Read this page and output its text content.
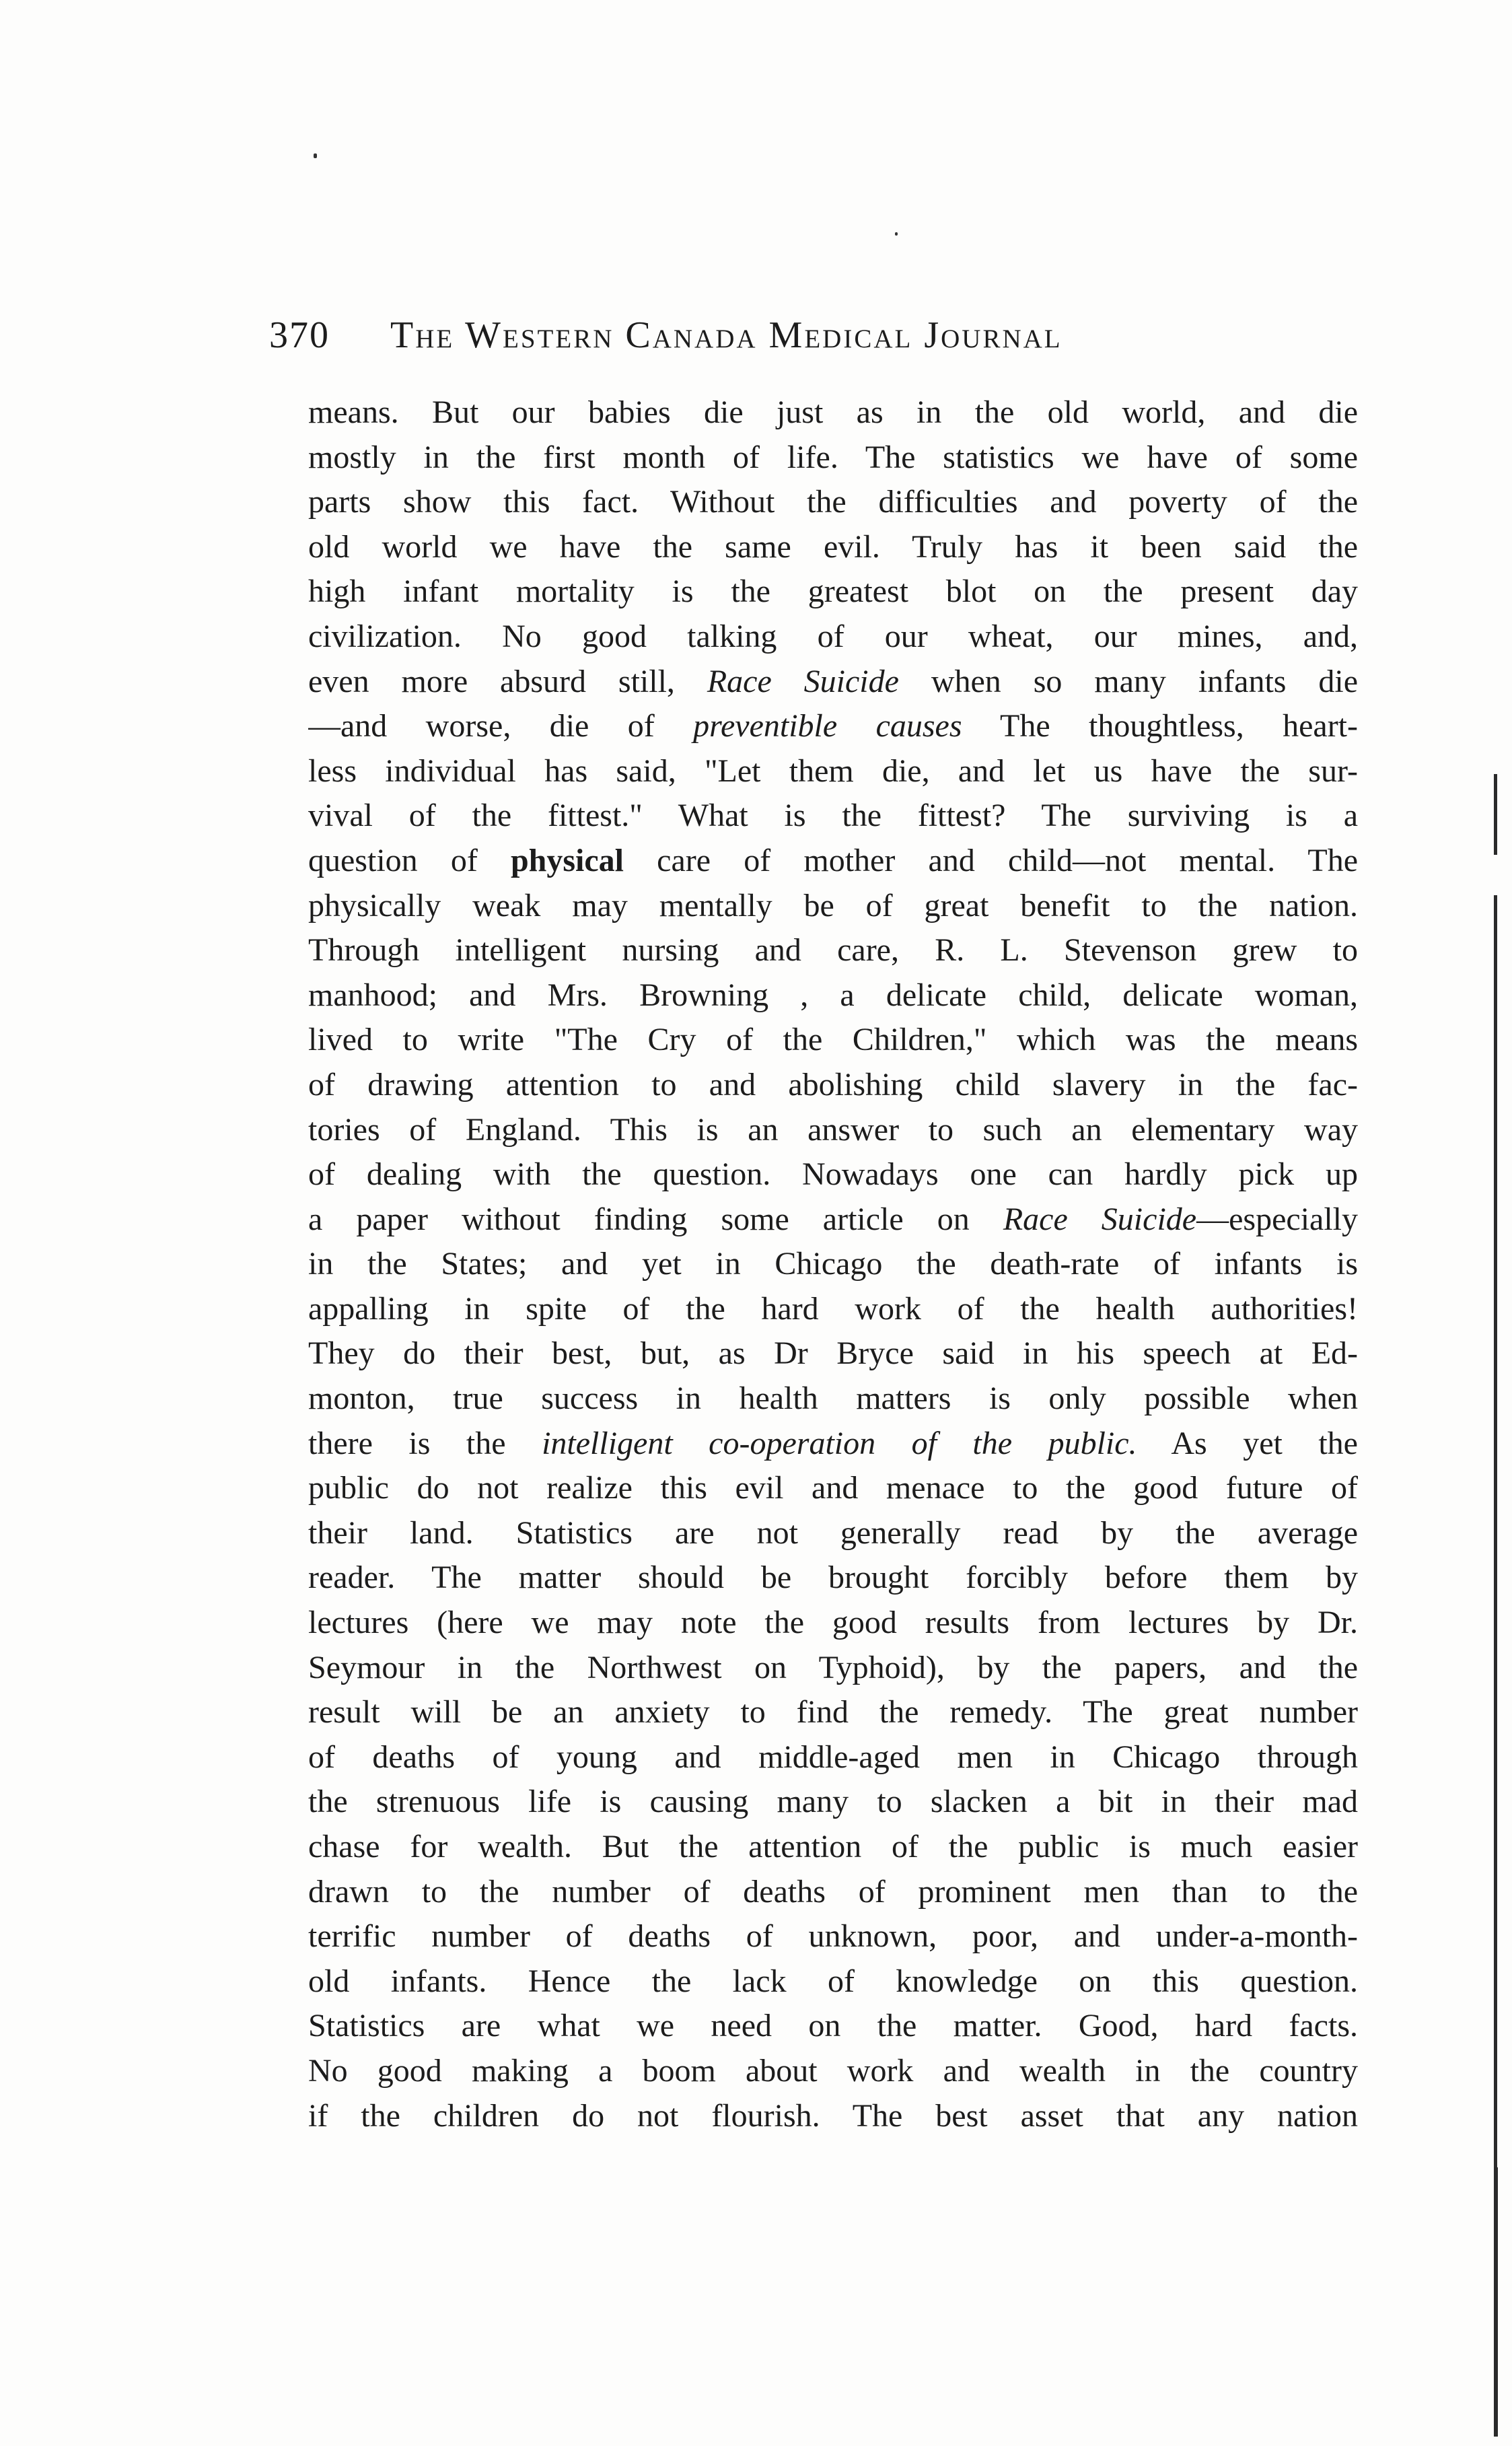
370 The Western Canada Medical Journal
means. But our babies die just as in the old world, and die
mostly in the first month of life. The statistics we have of some
parts show this fact. Without the difficulties and poverty of the
old world we have the same evil. Truly has it been said the
high infant mortality is the greatest blot on the present day
civilization. No good talking of our wheat, our mines, and,
even more absurd still, Race Suicide when so many infants die
—and worse, die of preventible causes The thoughtless, heart-
less individual has said, "Let them die, and let us have the sur-
vival of the fittest." What is the fittest? The surviving is a
question of physical care of mother and child—not mental. The
physically weak may mentally be of great benefit to the nation.
Through intelligent nursing and care, R. L. Stevenson grew to
manhood; and Mrs. Browning , a delicate child, delicate woman,
lived to write "The Cry of the Children," which was the means
of drawing attention to and abolishing child slavery in the fac-
tories of England. This is an answer to such an elementary way
of dealing with the question. Nowadays one can hardly pick up
a paper without finding some article on Race Suicide—especially
in the States; and yet in Chicago the death-rate of infants is
appalling in spite of the hard work of the health authorities!
They do their best, but, as Dr Bryce said in his speech at Ed-
monton, true success in health matters is only possible when
there is the intelligent co-operation of the public. As yet the
public do not realize this evil and menace to the good future of
their land. Statistics are not generally read by the average
reader. The matter should be brought forcibly before them by
lectures (here we may note the good results from lectures by Dr.
Seymour in the Northwest on Typhoid), by the papers, and the
result will be an anxiety to find the remedy. The great number
of deaths of young and middle-aged men in Chicago through
the strenuous life is causing many to slacken a bit in their mad
chase for wealth. But the attention of the public is much easier
drawn to the number of deaths of prominent men than to the
terrific number of deaths of unknown, poor, and under-a-month-
old infants. Hence the lack of knowledge on this question.
Statistics are what we need on the matter. Good, hard facts.
No good making a boom about work and wealth in the country
if the children do not flourish. The best asset that any nation
